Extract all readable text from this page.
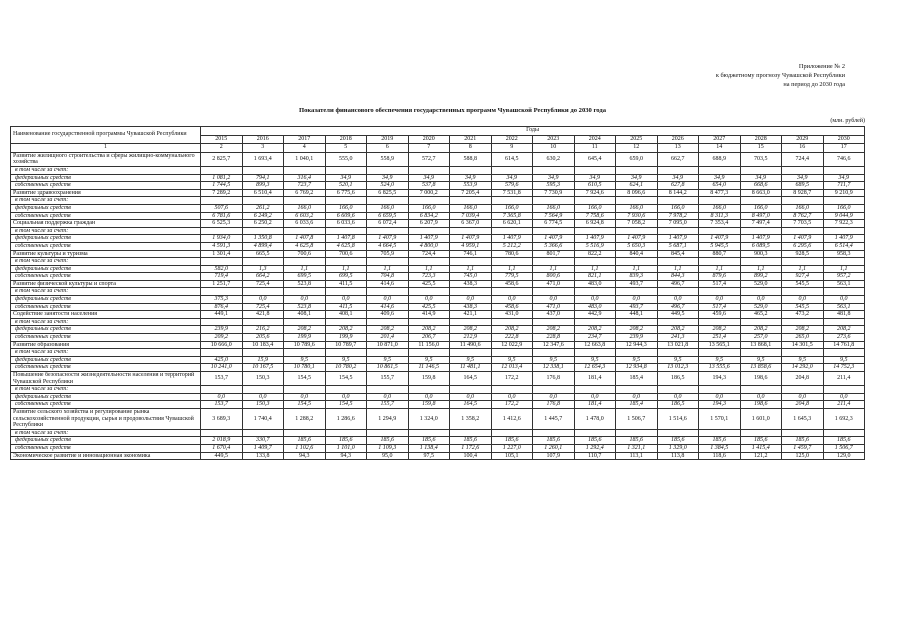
Приложение № 2
к бюджетному прогнозу Чувашской Республики
на период до 2030 года
Показатели финансового обеспечения государственных программ Чувашской Республики до 2030 года
(млн. рублей)
Наименование государственной программы Чувашской Республики	Годы															
	2015	2016	2017	2018	2019	2020	2021	2022	2023	2024	2025	2026	2027	2028	2029	2030
1	2	3	4	5	6	7	8	9	10	11	12	13	14	15	16	17
Развитие жилищного строительства и сферы жилищно-коммунального хозяйства	2 825,7	1 693,4	1 040,1	555,0	558,9	572,7	588,8	614,5	630,2	645,4	659,0	662,7	688,9	703,5	724,4	746,6
в том числе за счет:																
федеральных средств	1 081,2	794,1	316,4	34,9	34,9	34,9	34,9	34,9	34,9	34,9	34,9	34,9	34,9	34,9	34,9	34,9
собственных средств	1 744,5	899,3	723,7	520,1	524,0	537,8	553,9	579,6	595,3	610,5	624,1	627,8	654,0	668,6	689,5	711,7
Развитие здравоохранения	7 289,2	6 510,4	6 769,2	6 775,6	6 825,5	7 000,2	7 205,4	7 531,8	7 730,9	7 924,6	8 096,6	8 144,2	8 477,3	8 663,0	8 928,7	9 210,9
в том числе за счет:																
федеральных средств	507,6	261,2	166,0	166,0	166,0	166,0	166,0	166,0	166,0	166,0	166,0	166,0	166,0	166,0	166,0	166,0
собственных средств	6 781,6	6 249,2	6 603,2	6 609,6	6 659,5	6 834,2	7 039,4	7 365,8	7 564,9	7 758,6	7 930,6	7 978,2	8 311,3	8 497,0	8 762,7	9 044,9
Социальная поддержка граждан	6 525,3	6 250,2	6 033,6	6 033,6	6 072,4	6 207,9	6 367,0	6 620,1	6 774,5	6 924,8	7 058,2	7 095,0	7 353,4	7 497,4	7 703,5	7 922,3
в том числе за счет:																
федеральных средств	1 934,0	1 350,8	1 407,8	1 407,8	1 407,9	1 407,9	1 407,9	1 407,9	1 407,9	1 407,9	1 407,9	1 407,9	1 407,9	1 407,9	1 407,9	1 407,9
собственных средств	4 591,3	4 899,4	4 625,8	4 625,8	4 664,5	4 800,0	4 959,1	5 212,2	5 366,6	5 516,9	5 650,3	5 687,1	5 945,5	6 089,5	6 295,6	6 514,4
Развитие культуры и туризма	1 301,4	665,5	700,6	700,6	705,9	724,4	746,1	780,6	801,7	822,2	840,4	845,4	880,7	900,3	928,5	958,3
в том числе за счет:																
федеральных средств	582,0	1,3	1,1	1,1	1,1	1,1	1,1	1,1	1,1	1,1	1,1	1,1	1,1	1,1	1,1	1,1
собственных средств	719,4	664,2	699,5	699,5	704,8	723,3	745,0	779,5	800,6	821,1	839,3	844,3	879,6	899,2	927,4	957,2
Развитие физической культуры и спорта	1 251,7	725,4	523,8	411,5	414,6	425,5	438,3	458,6	471,0	483,0	493,7	496,7	517,4	529,0	545,5	563,1
в том числе за счет:																
федеральных средств	375,3	0,0	0,0	0,0	0,0	0,0	0,0	0,0	0,0	0,0	0,0	0,0	0,0	0,0	0,0	0,0
собственных средств	876,4	725,4	523,8	411,5	414,6	425,5	438,3	458,6	471,0	483,0	493,7	496,7	517,4	529,0	545,5	563,1
Содействие занятости населения	449,1	421,8	408,1	408,1	409,6	414,9	421,1	431,0	437,0	442,9	448,1	449,5	459,6	465,2	473,2	481,8
в том числе за счет:																
федеральных средств	239,9	216,2	208,2	208,2	208,2	208,2	208,2	208,2	208,2	208,2	208,2	208,2	208,2	208,2	208,2	208,2
собственных средств	209,2	205,6	199,9	199,9	201,4	206,7	212,9	222,8	228,8	234,7	239,9	241,3	251,4	257,0	265,0	273,6
Развитие образования	10 666,0	10 183,4	10 789,6	10 789,7	10 871,0	11 156,0	11 490,6	12 022,9	12 347,6	12 663,8	12 944,3	13 021,8	13 565,1	13 868,1	14 301,5	14 761,8
в том числе за счет:																
федеральных средств	425,0	15,9	9,5	9,5	9,5	9,5	9,5	9,5	9,5	9,5	9,5	9,5	9,5	9,5	9,5	9,5
собственных средств	10 241,0	10 167,5	10 780,1	10 780,2	10 861,5	11 146,5	11 481,1	12 013,4	12 338,1	12 654,3	12 934,8	13 012,3	13 555,6	13 858,6	14 292,0	14 752,3
Повышение безопасности жизнедеятельности населения и территорий Чувашской Республики	153,7	150,3	154,5	154,5	155,7	159,8	164,5	172,2	176,8	181,4	185,4	186,5	194,3	198,6	204,8	211,4
в том числе за счет:																
федеральных средств	0,0	0,0	0,0	0,0	0,0	0,0	0,0	0,0	0,0	0,0	0,0	0,0	0,0	0,0	0,0	0,0
собственных средств	153,7	150,3	154,5	154,5	155,7	159,8	164,5	172,2	176,8	181,4	185,4	186,5	194,3	198,6	204,8	211,4
Развитие сельского хозяйства и регулирование рынка сельскохозяйственной продукции, сырья и продовольствия Чувашской Республики	3 689,3	1 740,4	1 288,2	1 286,6	1 294,9	1 324,0	1 358,2	1 412,6	1 445,7	1 478,0	1 506,7	1 514,6	1 570,1	1 601,0	1 645,3	1 692,3
в том числе за счет:																
федеральных средств	2 018,9	330,7	185,6	185,6	185,6	185,6	185,6	185,6	185,6	185,6	185,6	185,6	185,6	185,6	185,6	185,6
собственных средств	1 670,4	1 409,7	1 102,6	1 101,0	1 109,3	1 138,4	1 172,6	1 227,0	1 260,1	1 292,4	1 321,1	1 329,0	1 384,5	1 415,4	1 459,7	1 506,7
Экономическое развитие и инновационная экономика	449,5	133,8	94,3	94,3	95,0	97,5	100,4	105,1	107,9	110,7	113,1	113,8	118,6	121,2	125,0	129,0
